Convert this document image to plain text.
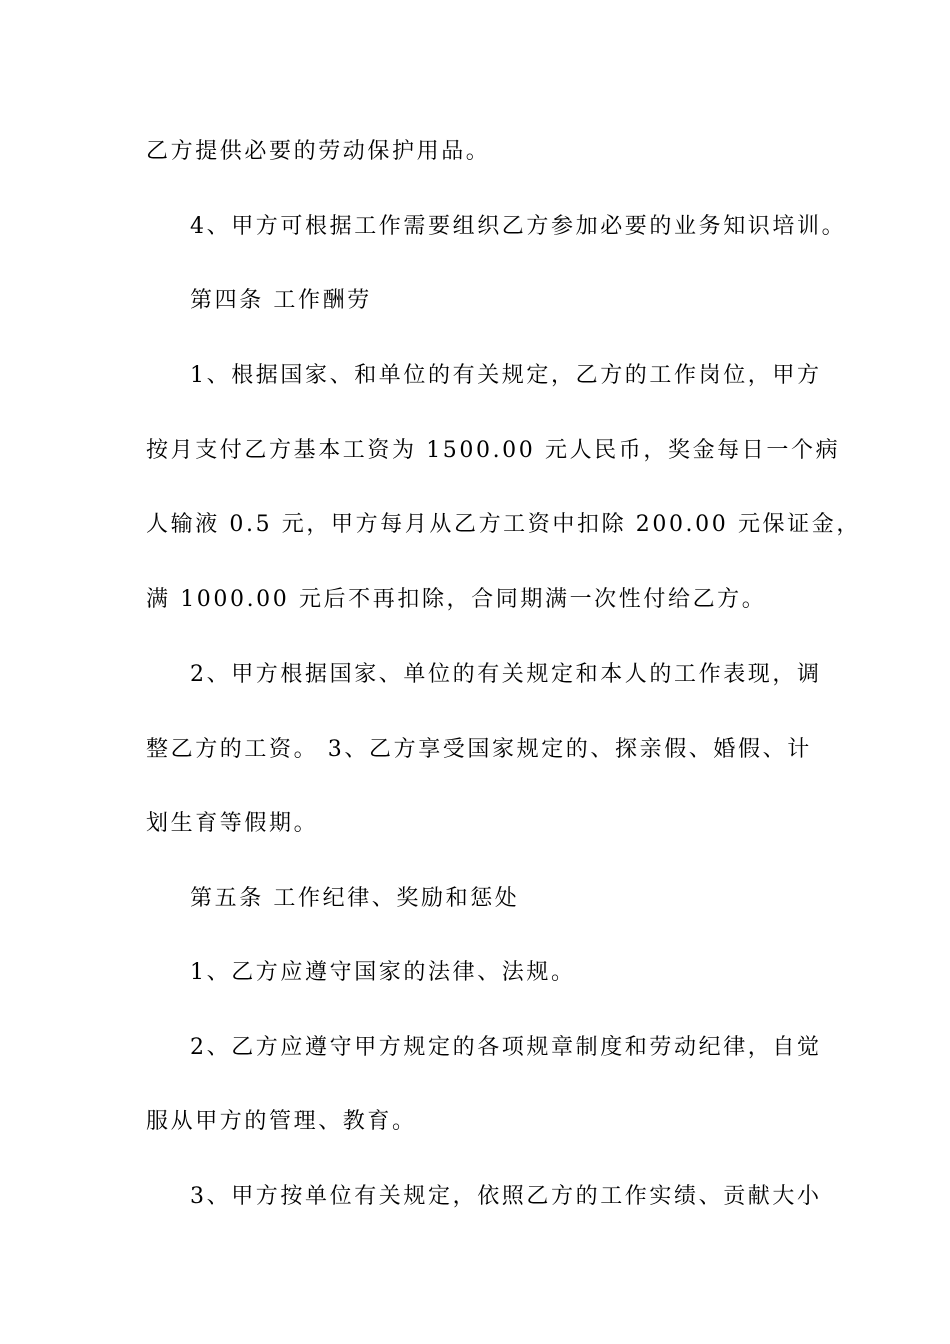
乙方提供必要的劳动保护用品。
4、甲方可根据工作需要组织乙方参加必要的业务知识培训。
第四条 工作酬劳
1、根据国家、和单位的有关规定，乙方的工作岗位，甲方
按月支付乙方基本工资为 1500.00 元人民币，奖金每日一个病
人输液 0.5 元，甲方每月从乙方工资中扣除 200.00 元保证金，
满 1000.00 元后不再扣除，合同期满一次性付给乙方。
2、甲方根据国家、单位的有关规定和本人的工作表现，调
整乙方的工资。 3、乙方享受国家规定的、探亲假、婚假、计
划生育等假期。
第五条 工作纪律、奖励和惩处
1、乙方应遵守国家的法律、法规。
2、乙方应遵守甲方规定的各项规章制度和劳动纪律，自觉
服从甲方的管理、教育。
3、甲方按单位有关规定，依照乙方的工作实绩、贡献大小
